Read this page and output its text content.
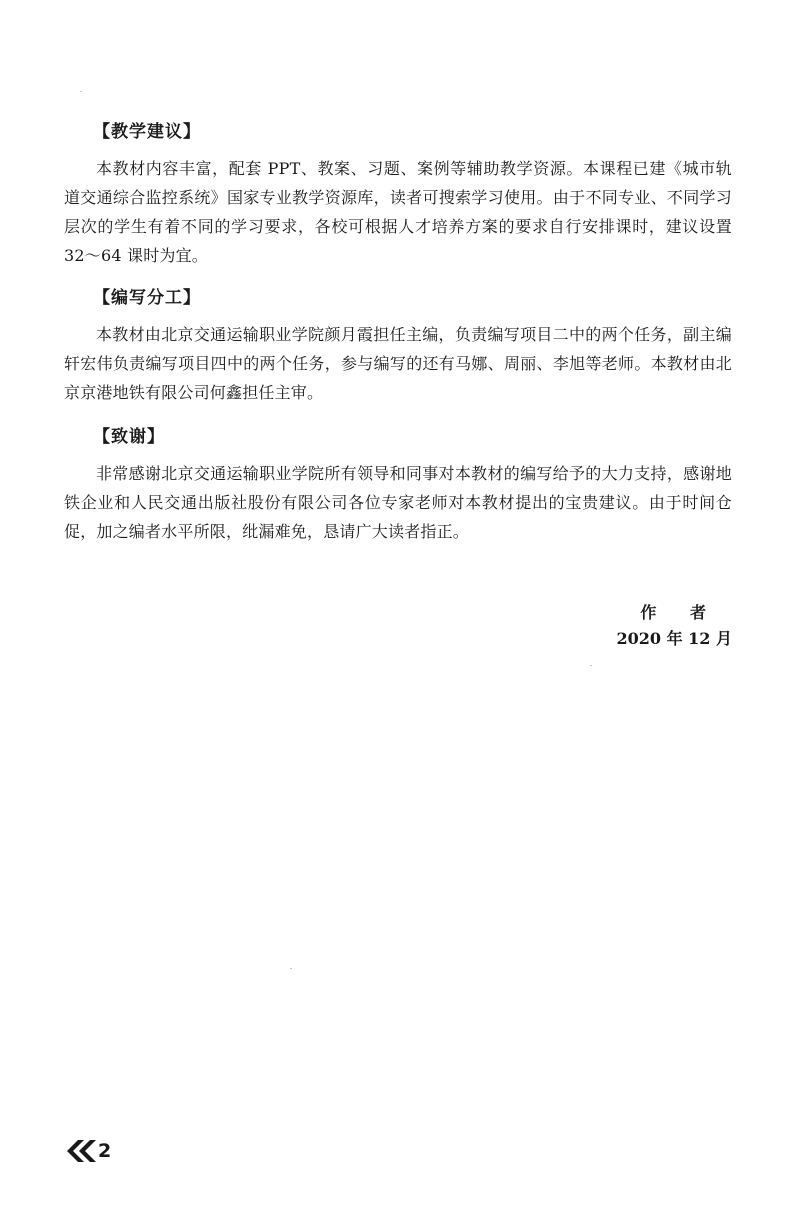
【教学建议】
本教材内容丰富，配套 PPT、教案、习题、案例等辅助教学资源。本课程已建《城市轨道交通综合监控系统》国家专业教学资源库，读者可搜索学习使用。由于不同专业、不同学习层次的学生有着不同的学习要求，各校可根据人才培养方案的要求自行安排课时，建议设置32～64 课时为宜。
【编写分工】
本教材由北京交通运输职业学院颜月霞担任主编，负责编写项目二中的两个任务，副主编轩宏伟负责编写项目四中的两个任务，参与编写的还有马娜、周丽、李旭等老师。本教材由北京京港地铁有限公司何鑫担任主审。
【致谢】
非常感谢北京交通运输职业学院所有领导和同事对本教材的编写给予的大力支持，感谢地铁企业和人民交通出版社股份有限公司各位专家老师对本教材提出的宝贵建议。由于时间仓促，加之编者水平所限，纰漏难免，恳请广大读者指正。
作 者
2020 年 12 月
2
